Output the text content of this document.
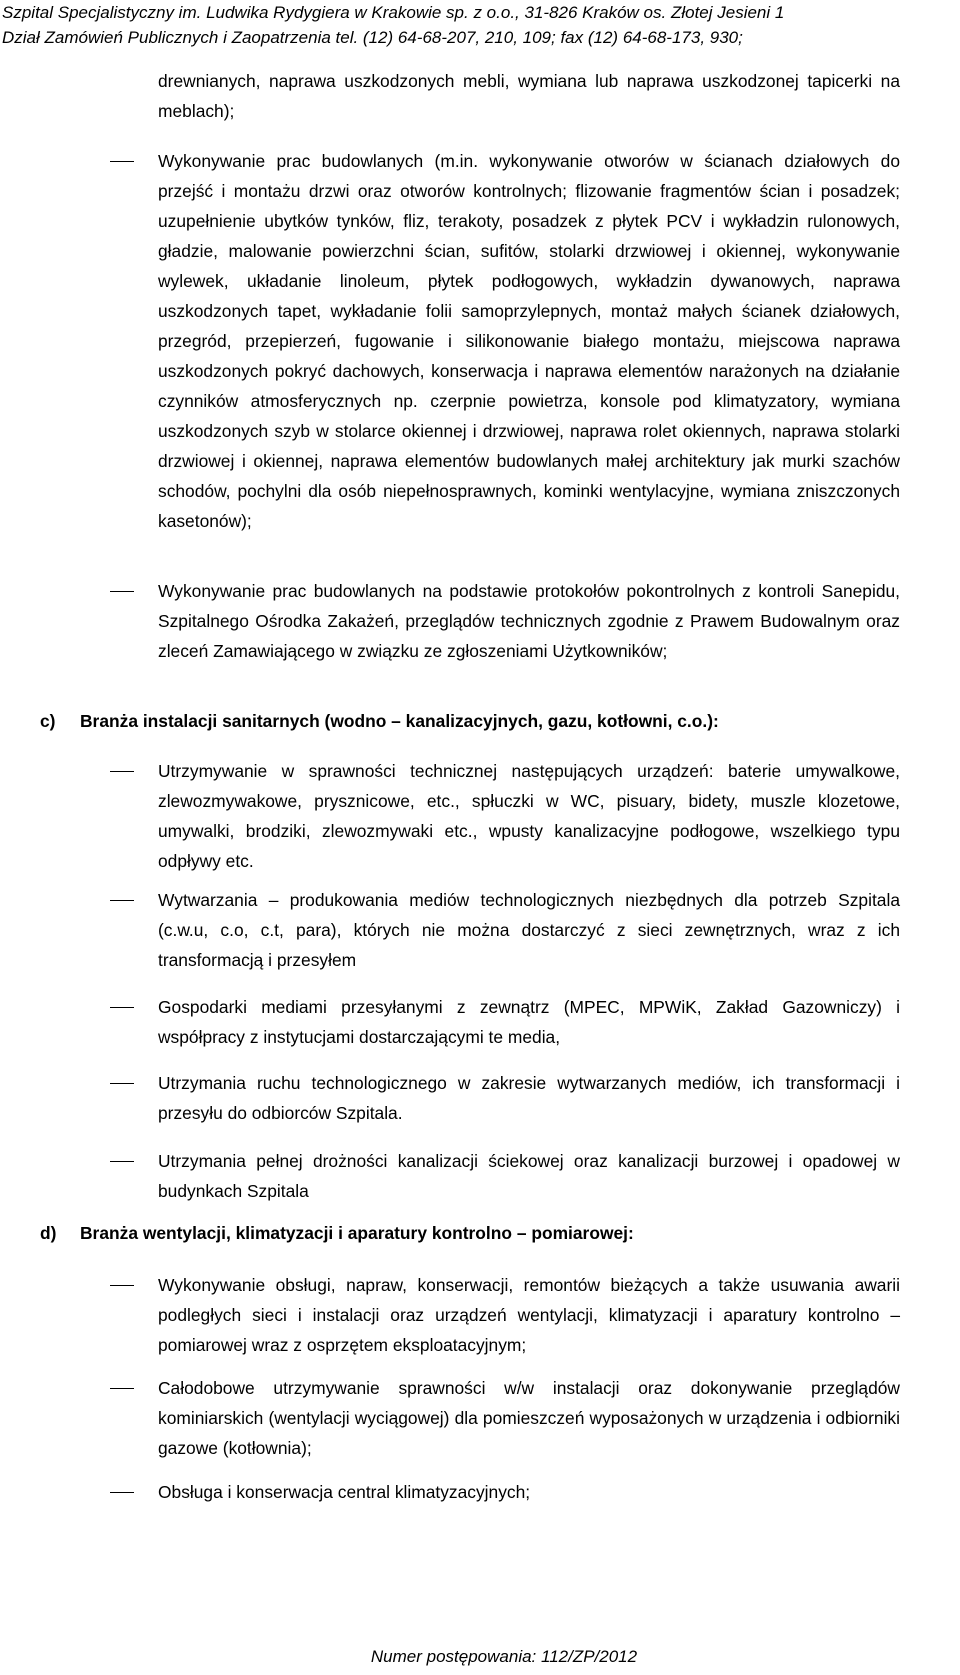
Szpital Specjalistyczny im. Ludwika Rydygiera w Krakowie sp. z o.o., 31-826 Kraków os. Złotej Jesieni 1
Dział Zamówień Publicznych i Zaopatrzenia tel. (12) 64-68-207, 210, 109; fax (12) 64-68-173, 930;
drewnianych, naprawa uszkodzonych mebli, wymiana lub naprawa uszkodzonej tapicerki na meblach);
Wykonywanie prac budowlanych (m.in. wykonywanie otworów w ścianach działowych do przejść i montażu drzwi oraz otworów kontrolnych; flizowanie fragmentów ścian i posadzek; uzupełnienie ubytków tynków, fliz, terakoty, posadzek z płytek PCV i wykładzin rulonowych, gładzie, malowanie powierzchni ścian, sufitów, stolarki drzwiowej i okiennej, wykonywanie wylewek, układanie linoleum, płytek podłogowych, wykładzin dywanowych, naprawa uszkodzonych tapet, wykładanie folii samoprzylepnych, montaż małych ścianek działowych, przegród, przepierzeń, fugowanie i silikonowanie białego montażu, miejscowa naprawa uszkodzonych pokryć dachowych, konserwacja i naprawa elementów narażonych na działanie czynników atmosferycznych np. czerpnie powietrza, konsole pod klimatyzatory, wymiana uszkodzonych szyb w stolarce okiennej i drzwiowej, naprawa rolet okiennych, naprawa stolarki drzwiowej i okiennej, naprawa elementów budowlanych małej architektury jak murki szachów schodów, pochylni dla osób niepełnosprawnych, kominki wentylacyjne, wymiana zniszczonych kasetonów);
Wykonywanie prac budowlanych na podstawie protokołów pokontrolnych z kontroli Sanepidu, Szpitalnego Ośrodka Zakażeń, przeglądów technicznych zgodnie z Prawem Budowalnym oraz zleceń Zamawiającego w związku ze zgłoszeniami Użytkowników;
c) Branża instalacji sanitarnych (wodno – kanalizacyjnych, gazu, kotłowni, c.o.):
Utrzymywanie w sprawności technicznej następujących urządzeń: baterie umywalkowe, zlewozmywakowe, prysznicowe, etc., spłuczki w WC, pisuary, bidety, muszle klozetowe, umywalki, brodziki, zlewozmywaki etc., wpusty kanalizacyjne podłogowe, wszelkiego typu odpływy etc.
Wytwarzania – produkowania mediów technologicznych niezbędnych dla potrzeb Szpitala (c.w.u, c.o, c.t, para), których nie można dostarczyć z sieci zewnętrznych, wraz z ich transformacją i przesyłem
Gospodarki mediami przesyłanymi z zewnątrz (MPEC, MPWiK, Zakład Gazowniczy) i współpracy z instytucjami dostarczającymi te media,
Utrzymania ruchu technologicznego w zakresie wytwarzanych mediów, ich transformacji i przesyłu do odbiorców Szpitala.
Utrzymania pełnej drożności kanalizacji ściekowej oraz kanalizacji burzowej i opadowej w budynkach Szpitala
d) Branża wentylacji, klimatyzacji i aparatury kontrolno – pomiarowej:
Wykonywanie obsługi, napraw, konserwacji, remontów bieżących a także usuwania awarii podległych sieci i instalacji oraz urządzeń wentylacji, klimatyzacji i aparatury kontrolno – pomiarowej wraz z osprzętem eksploatacyjnym;
Całodobowe utrzymywanie sprawności w/w instalacji oraz dokonywanie przeglądów kominiarskich (wentylacji wyciągowej) dla pomieszczeń wyposażonych w urządzenia i odbiorniki gazowe (kotłownia);
Obsługa i konserwacja central klimatyzacyjnych;
Numer postępowania: 112/ZP/2012
